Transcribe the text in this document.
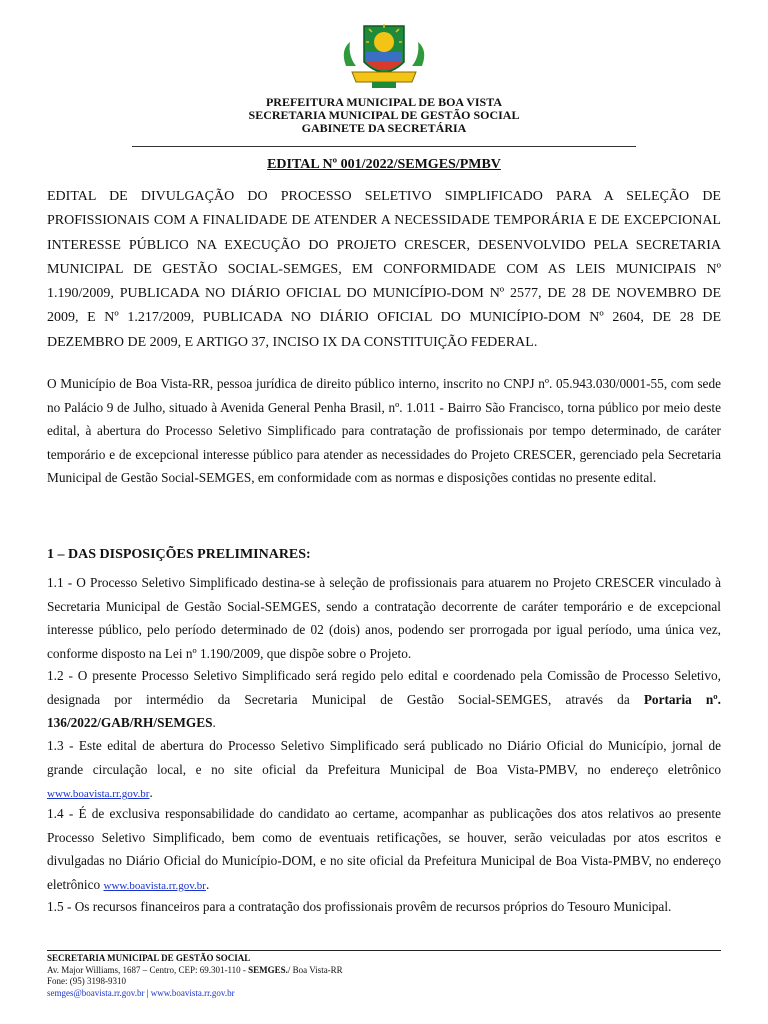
PREFEITURA MUNICIPAL DE BOA VISTA
SECRETARIA MUNICIPAL DE GESTÃO SOCIAL
GABINETE DA SECRETÁRIA
EDITAL Nº 001/2022/SEMGES/PMBV
EDITAL DE DIVULGAÇÃO DO PROCESSO SELETIVO SIMPLIFICADO PARA A SELEÇÃO DE PROFISSIONAIS COM A FINALIDADE DE ATENDER A NECESSIDADE TEMPORÁRIA E DE EXCEPCIONAL INTERESSE PÚBLICO NA EXECUÇÃO DO PROJETO CRESCER, DESENVOLVIDO PELA SECRETARIA MUNICIPAL DE GESTÃO SOCIAL-SEMGES, EM CONFORMIDADE COM AS LEIS MUNICIPAIS Nº 1.190/2009, PUBLICADA NO DIÁRIO OFICIAL DO MUNICÍPIO-DOM Nº 2577, DE 28 DE NOVEMBRO DE 2009, E Nº 1.217/2009, PUBLICADA NO DIÁRIO OFICIAL DO MUNICÍPIO-DOM Nº 2604, DE 28 DE DEZEMBRO DE 2009, E ARTIGO 37, INCISO IX DA CONSTITUIÇÃO FEDERAL.
O Município de Boa Vista-RR, pessoa jurídica de direito público interno, inscrito no CNPJ nº. 05.943.030/0001-55, com sede no Palácio 9 de Julho, situado à Avenida General Penha Brasil, nº. 1.011 - Bairro São Francisco, torna público por meio deste edital, à abertura do Processo Seletivo Simplificado para contratação de profissionais por tempo determinado, de caráter temporário e de excepcional interesse público para atender as necessidades do Projeto CRESCER, gerenciado pela Secretaria Municipal de Gestão Social-SEMGES, em conformidade com as normas e disposições contidas no presente edital.
1 – DAS DISPOSIÇÕES PRELIMINARES:
1.1 - O Processo Seletivo Simplificado destina-se à seleção de profissionais para atuarem no Projeto CRESCER vinculado à Secretaria Municipal de Gestão Social-SEMGES, sendo a contratação decorrente de caráter temporário e de excepcional interesse público, pelo período determinado de 02 (dois) anos, podendo ser prorrogada por igual período, uma única vez, conforme disposto na Lei nº 1.190/2009, que dispõe sobre o Projeto.
1.2 - O presente Processo Seletivo Simplificado será regido pelo edital e coordenado pela Comissão de Processo Seletivo, designada por intermédio da Secretaria Municipal de Gestão Social-SEMGES, através da Portaria nº. 136/2022/GAB/RH/SEMGES.
1.3 - Este edital de abertura do Processo Seletivo Simplificado será publicado no Diário Oficial do Município, jornal de grande circulação local, e no site oficial da Prefeitura Municipal de Boa Vista-PMBV, no endereço eletrônico www.boavista.rr.gov.br.
1.4 - É de exclusiva responsabilidade do candidato ao certame, acompanhar as publicações dos atos relativos ao presente Processo Seletivo Simplificado, bem como de eventuais retificações, se houver, serão veiculadas por atos escritos e divulgadas no Diário Oficial do Município-DOM, e no site oficial da Prefeitura Municipal de Boa Vista-PMBV, no endereço eletrônico www.boavista.rr.gov.br.
1.5 - Os recursos financeiros para a contratação dos profissionais provêm de recursos próprios do Tesouro Municipal.
SECRETARIA MUNICIPAL DE GESTÃO SOCIAL
Av. Major Williams, 1687 – Centro, CEP: 69.301-110 - SEMGES./ Boa Vista-RR
Fone: (95) 3198-9310
semges@boavista.rr.gov.br | www.boavista.rr.gov.br
